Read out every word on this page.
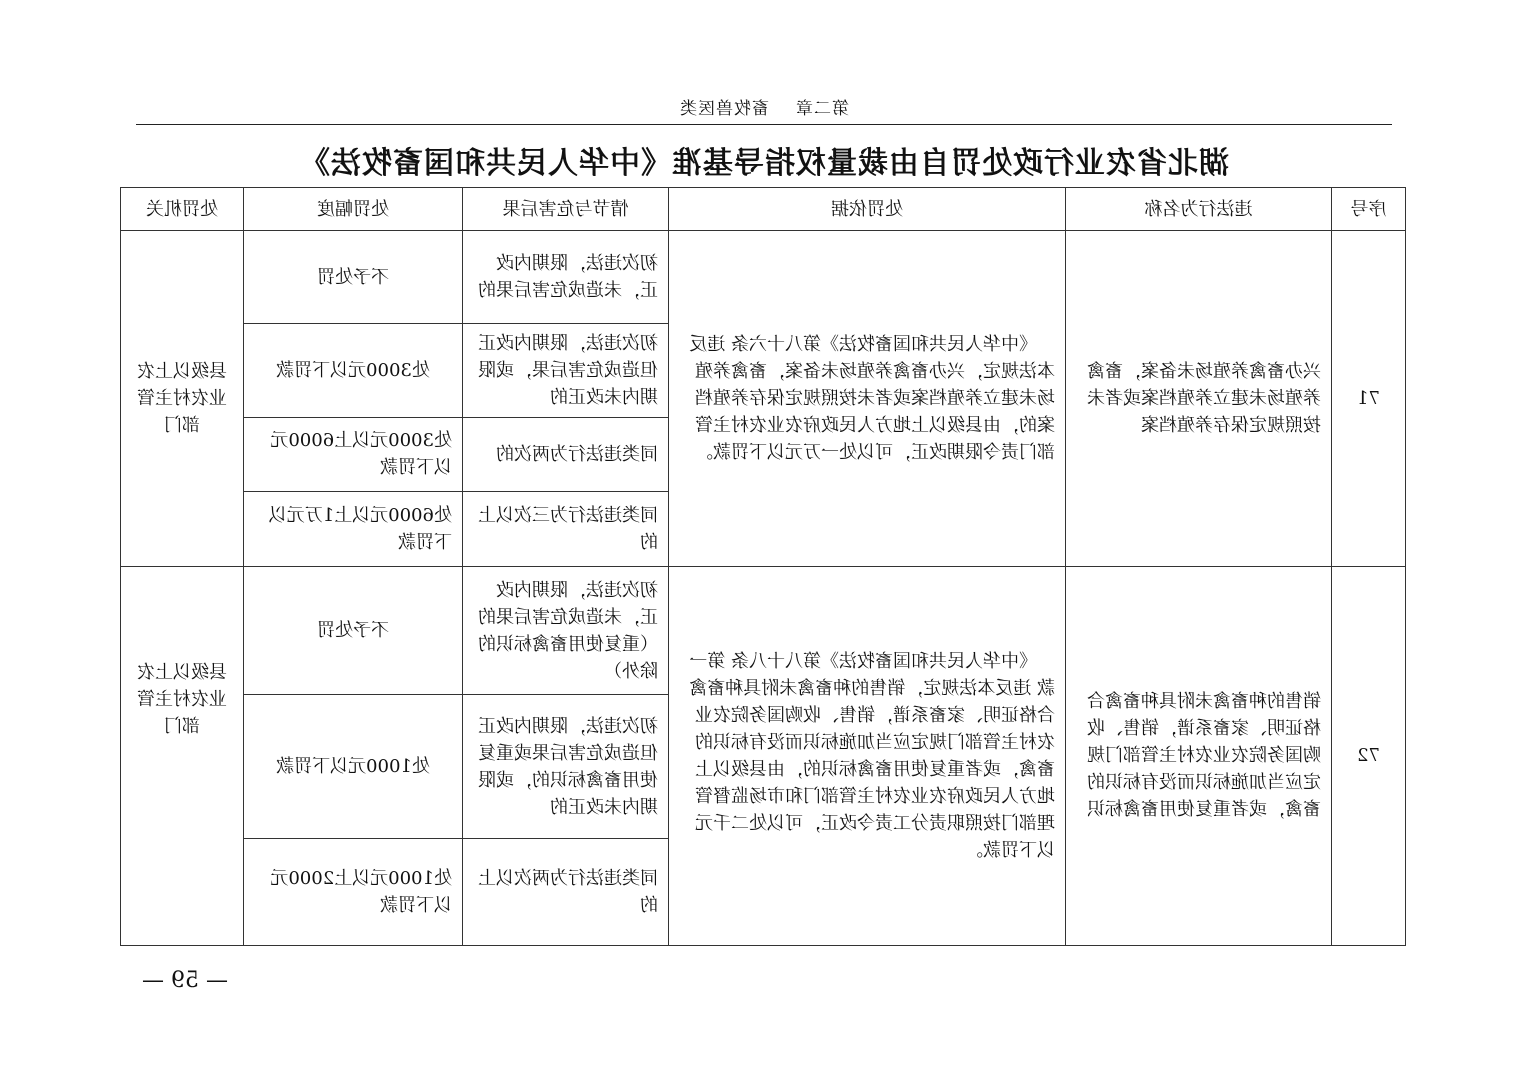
第二章畜牧兽医类
湖北省农业行政处罚自由裁量权指导基准《中华人民共和国畜牧法》
序号	违法行为名称	处罚依据	情节与危害后果	处罚幅度	处罚机关
71	兴办畜禽养殖场未备案，畜禽养殖场未建立养殖档案或者未按照规定保存养殖档案	《中华人民共和国畜牧法》第八十六条 违反本法规定，兴办畜禽养殖场未备案，畜禽养殖场未建立养殖档案或者未按照规定保存养殖档案的，由县级以上地方人民政府农业农村主管部门责令限期改正，可以处一万元以下罚款。	初次违法，限期内改正，未造成危害后果的	不予处罚	县级以上农业农村主管部门
			初次违法，限期内改正但造成危害后果，或限期内未改正的	处3000元以下罚款	
			同类违法行为两次的	处3000元以上6000元以下罚款	
			同类违法行为三次以上的	处6000元以上1万元以下罚款	
72	销售的种畜禽未附具种畜禽合格证明、家畜系谱，销售、收购国务院农业农村主管部门规定应当加施标识而没有标识的畜禽，或者重复使用畜禽标识	《中华人民共和国畜牧法》第八十八条 第一款 违反本法规定，销售的种畜禽未附具种畜禽合格证明、家畜系谱，销售、收购国务院农业农村主管部门规定应当加施标识而没有标识的畜禽，或者重复使用畜禽标识的，由县级以上地方人民政府农业农村主管部门和市场监督管理部门按照职责分工责令改正，可以处二千元以下罚款。	初次违法，限期内改正，未造成危害后果的（重复使用畜禽标识的除外）	不予处罚	县级以上农业农村主管部门
			初次违法，限期内改正但造成危害后果或重复使用畜禽标识的，或限期内未改正的	处1000元以下罚款	
			同类违法行为两次以上的	处1000元以上2000元以下罚款	
— 59 —
